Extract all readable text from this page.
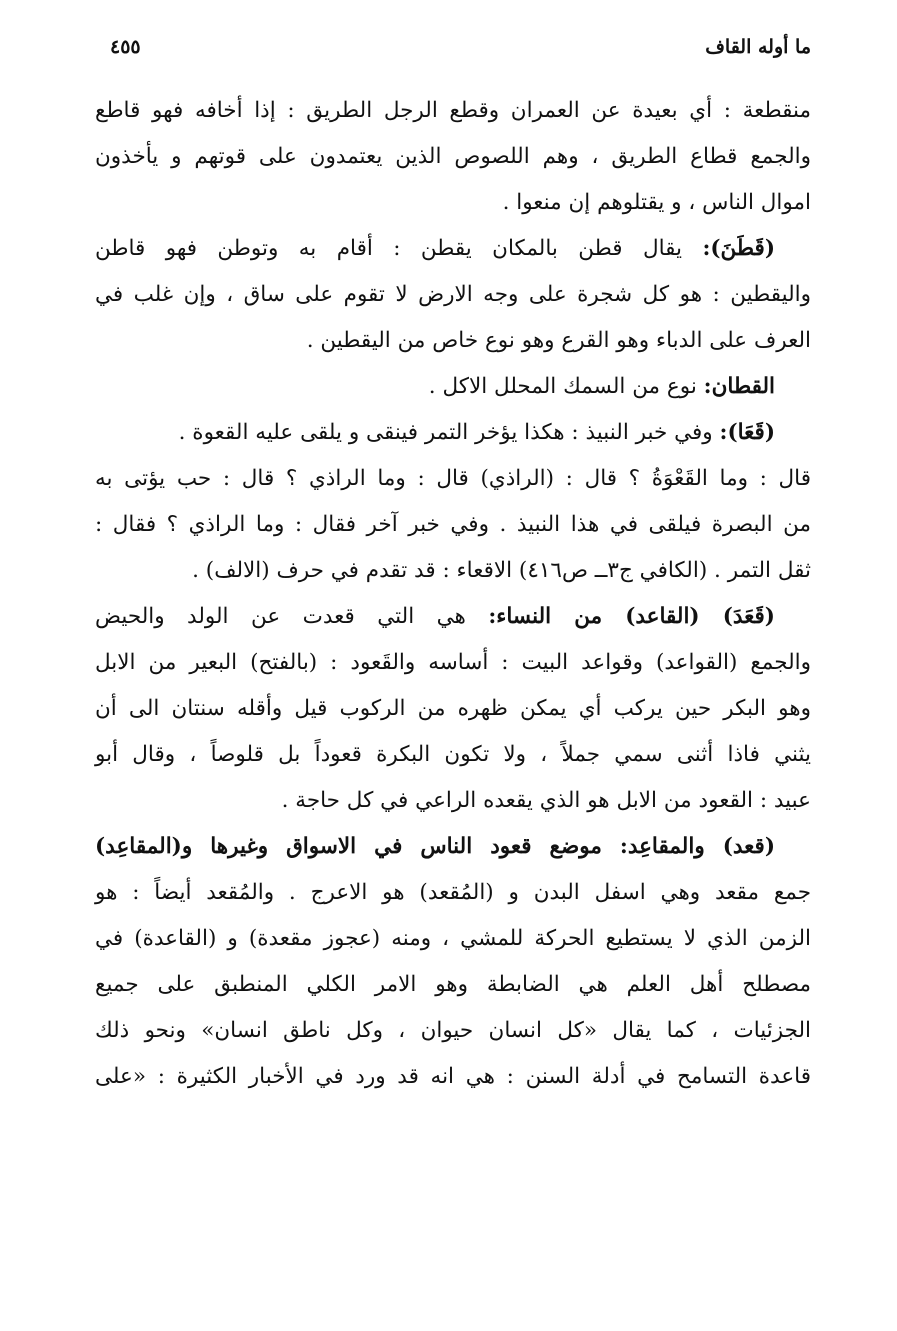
ما أوله القاف
٤٥٥
منقطعة : أي بعيدة عن العمران وقطع الرجل الطريق : إذا أخافه فهو قاطع
والجمع قطاع الطريق ، وهم اللصوص الذين يعتمدون على قوتهم و يأخذون
اموال الناس ، و يقتلوهم إن منعوا .
(قَطَنَ): يقال قطن بالمكان يقطن : أقام به وتوطن فهو قاطن
واليقطين : هو كل شجرة على وجه الارض لا تقوم على ساق ، وإن غلب في
العرف على الدباء وهو القرع وهو نوع خاص من اليقطين .
القطان: نوع من السمك المحلل الاكل .
(قَعَا): وفي خبر النبيذ : هكذا يؤخر التمر فينقى و يلقى عليه القعوة .
قال : وما القَعْوَةُ ؟ قال : (الراذي) قال : وما الراذي ؟ قال : حب يؤتى به
من البصرة فيلقى في هذا النبيذ . وفي خبر آخر فقال : وما الراذي ؟ فقال :
ثقل التمر . (الكافي ج٣ــ ص٤١٦) الاقعاء : قد تقدم في حرف (الالف) .
(قَعَدَ) (القاعد) من النساء: هي التي قعدت عن الولد والحيض
والجمع (القواعد) وقواعد البيت : أساسه والقَعود : (بالفتح) البعير من الابل
وهو البكر حين يركب أي يمكن ظهره من الركوب قيل وأقله سنتان الى أن
يثني فاذا أثنى سمي جملاً ، ولا تكون البكرة قعوداً بل قلوصاً ، وقال أبو
عبيد : القعود من الابل هو الذي يقعده الراعي في كل حاجة .
(قعد) والمقاعِد: موضع قعود الناس في الاسواق وغيرها و(المقاعِد)
جمع مقعد وهي اسفل البدن و (المُقعد) هو الاعرج . والمُقعد أيضاً : هو
الزمن الذي لا يستطيع الحركة للمشي ، ومنه (عجوز مقعدة) و (القاعدة) في
مصطلح أهل العلم هي الضابطة وهو الامر الكلي المنطبق على جميع
الجزئيات ، كما يقال «كل انسان حيوان ، وكل ناطق انسان» ونحو ذلك
قاعدة التسامح في أدلة السنن : هي انه قد ورد في الأخبار الكثيرة : «على
